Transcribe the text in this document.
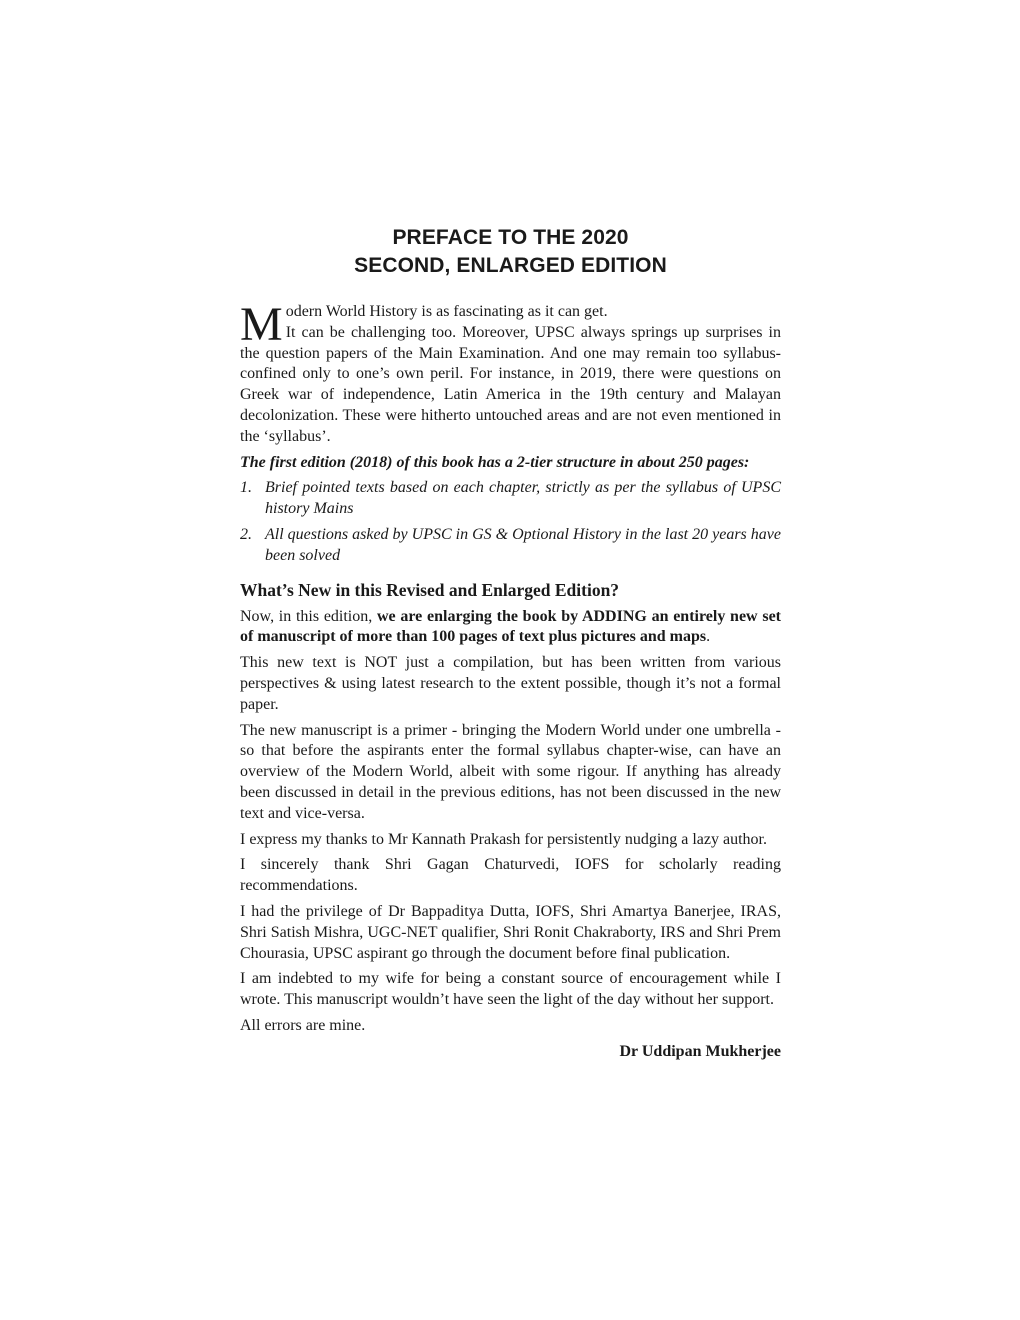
PREFACE TO THE 2020
SECOND, ENLARGED EDITION
M odern World History is as fascinating as it can get.

It can be challenging too. Moreover, UPSC always springs up surprises in the question papers of the Main Examination. And one may remain too syllabus-confined only to one’s own peril. For instance, in 2019, there were questions on Greek war of independence, Latin America in the 19th century and Malayan decolonization. These were hitherto untouched areas and are not even mentioned in the ‘syllabus’.

The first edition (2018) of this book has a 2-tier structure in about 250 pages:

1. Brief pointed texts based on each chapter, strictly as per the syllabus of UPSC history Mains
2. All questions asked by UPSC in GS & Optional History in the last 20 years have been solved
What’s New in this Revised and Enlarged Edition?

Now, in this edition, we are enlarging the book by ADDING an entirely new set of manuscript of more than 100 pages of text plus pictures and maps.

This new text is NOT just a compilation, but has been written from various perspectives & using latest research to the extent possible, though it’s not a formal paper.

The new manuscript is a primer - bringing the Modern World under one umbrella - so that before the aspirants enter the formal syllabus chapter-wise, can have an overview of the Modern World, albeit with some rigour. If anything has already been discussed in detail in the previous editions, has not been discussed in the new text and vice-versa.

I express my thanks to Mr Kannath Prakash for persistently nudging a lazy author.

I sincerely thank Shri Gagan Chaturvedi, IOFS for scholarly reading recommendations.

I had the privilege of Dr Bappaditya Dutta, IOFS, Shri Amartya Banerjee, IRAS, Shri Satish Mishra, UGC-NET qualifier, Shri Ronit Chakraborty, IRS and Shri Prem Chourasia, UPSC aspirant go through the document before final publication.

I am indebted to my wife for being a constant source of encouragement while I wrote. This manuscript wouldn’t have seen the light of the day without her support.

All errors are mine.

Dr Uddipan Mukherjee
